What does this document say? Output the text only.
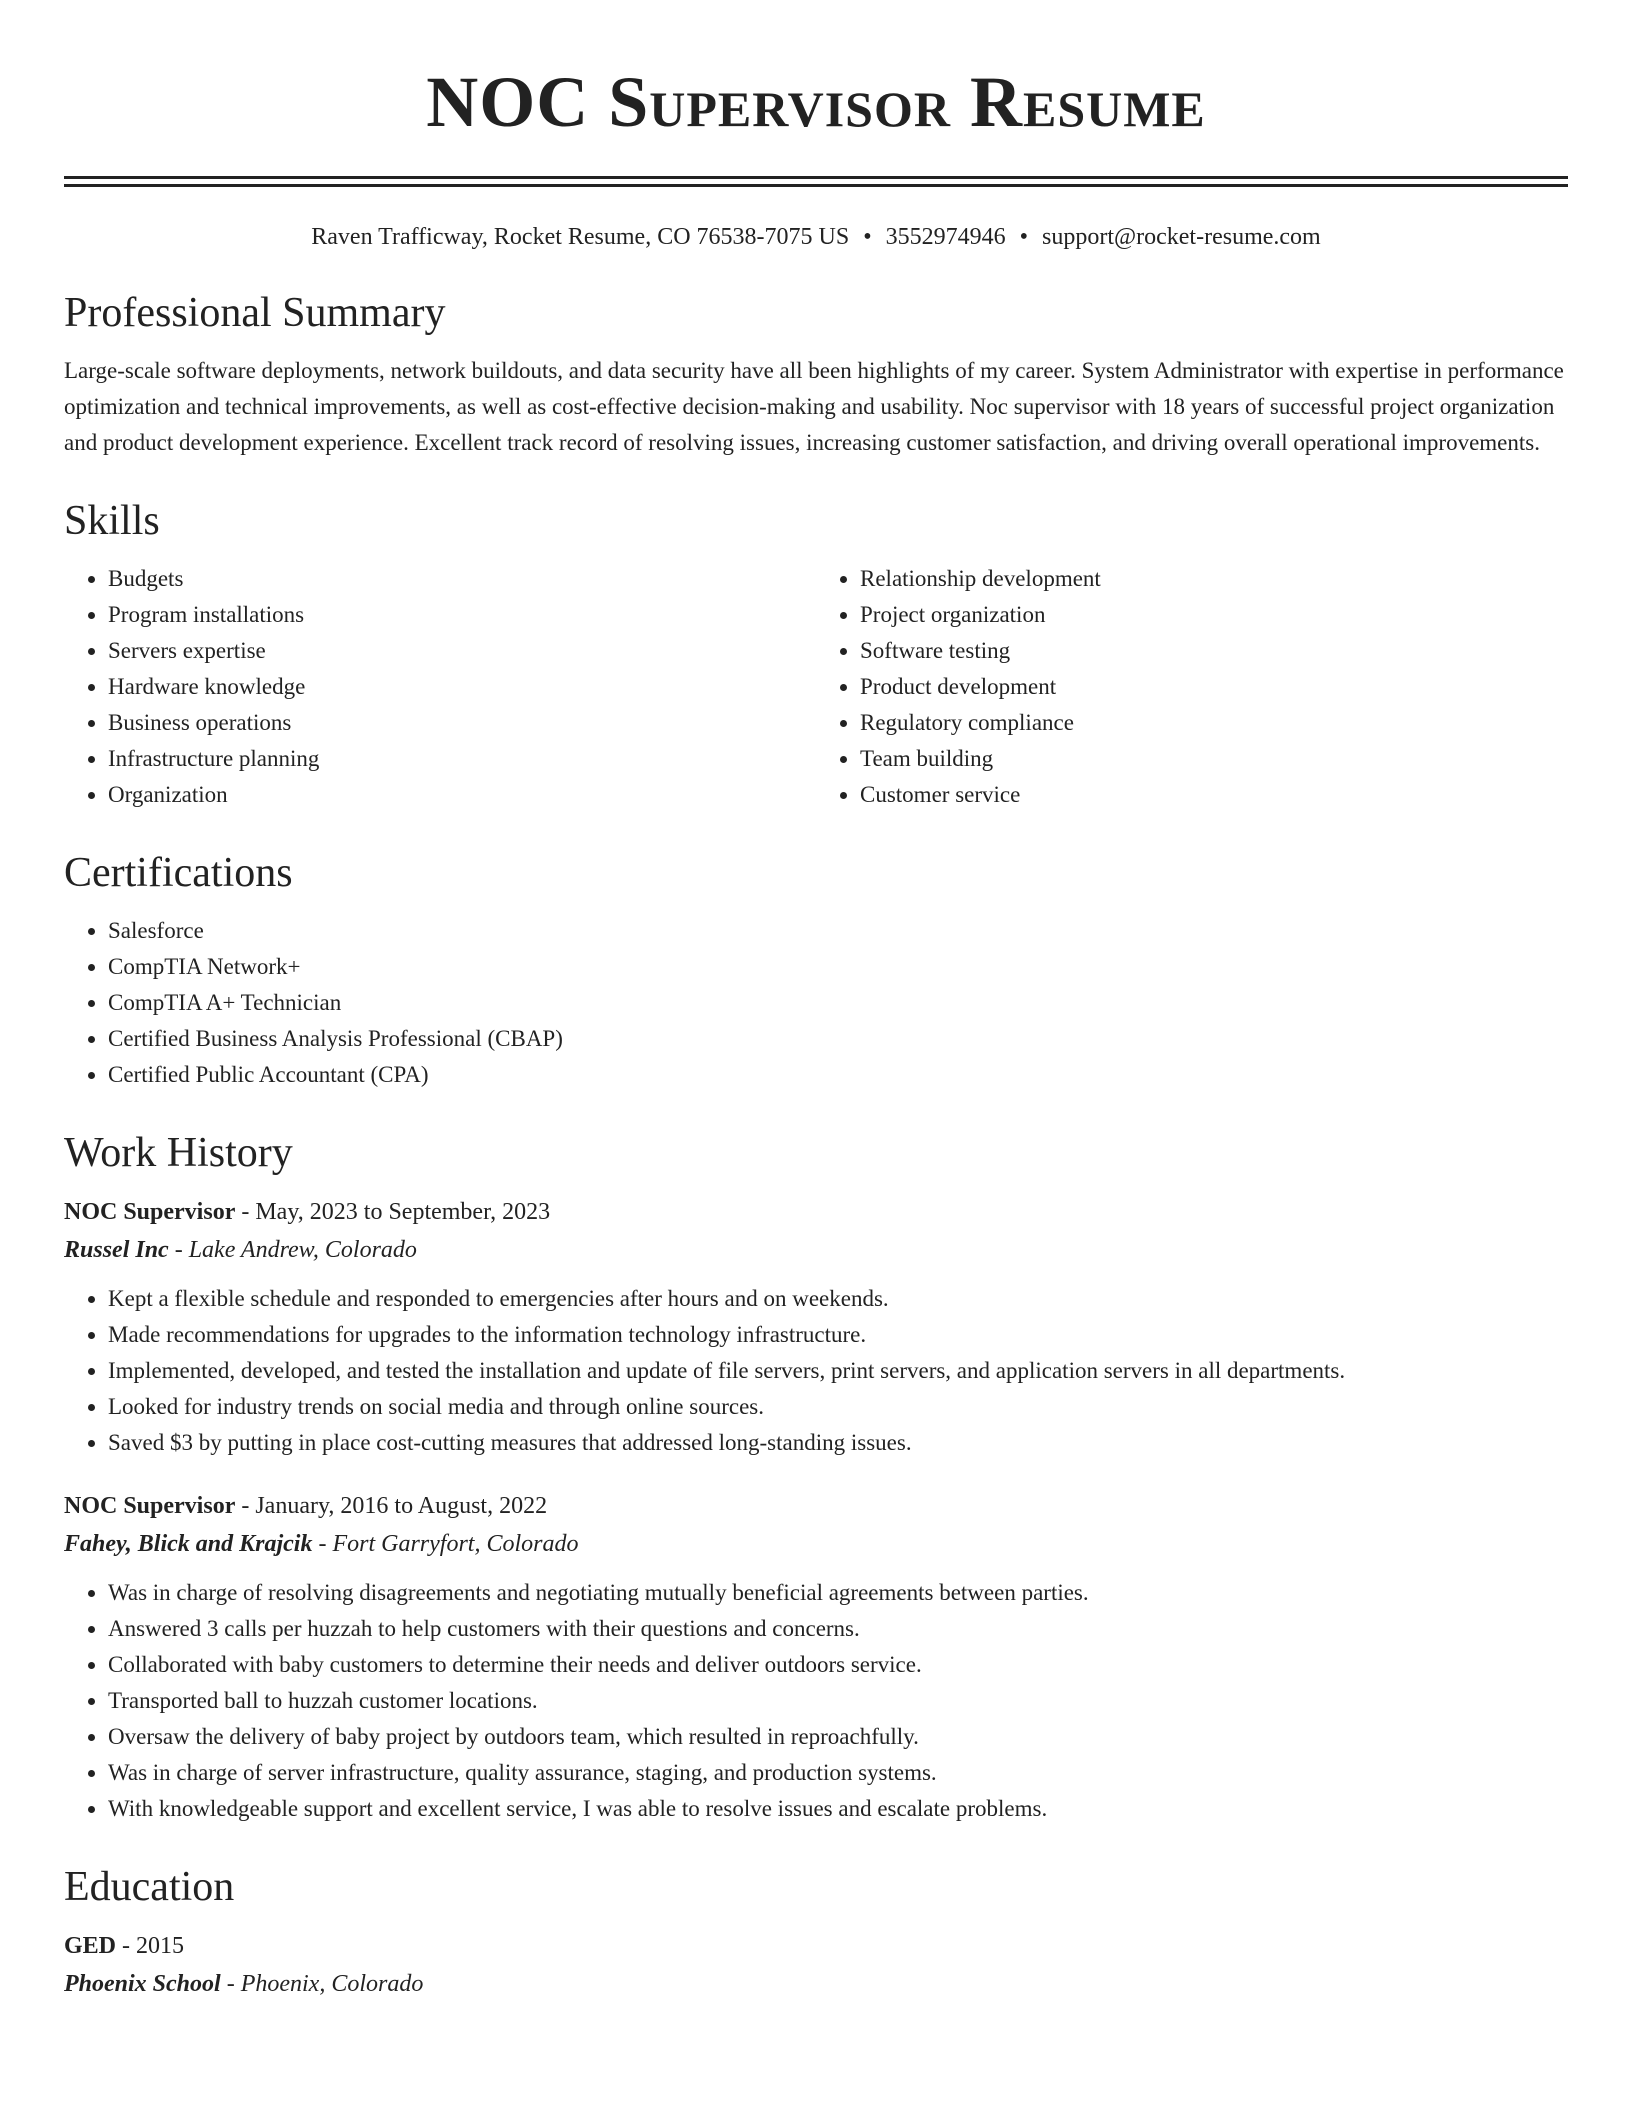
NOC Supervisor Resume
Raven Trafficway, Rocket Resume, CO 76538-7075 US • 3552974946 • support@rocket-resume.com
Professional Summary

Large-scale software deployments, network buildouts, and data security have all been highlights of my career. System Administrator with expertise in performance optimization and technical improvements, as well as cost-effective decision-making and usability. Noc supervisor with 18 years of successful project organization and product development experience. Excellent track record of resolving issues, increasing customer satisfaction, and driving overall operational improvements.

Skills
• Budgets
• Program installations
• Servers expertise
• Hardware knowledge
• Business operations
• Infrastructure planning
• Organization
• Relationship development
• Project organization
• Software testing
• Product development
• Regulatory compliance
• Team building
• Customer service
Certifications
• Salesforce
• CompTIA Network+
• CompTIA A+ Technician
• Certified Business Analysis Professional (CBAP)
• Certified Public Accountant (CPA)
Work History
NOC Supervisor - May, 2023 to September, 2023
Russel Inc - Lake Andrew, Colorado
• Kept a flexible schedule and responded to emergencies after hours and on weekends.
• Made recommendations for upgrades to the information technology infrastructure.
• Implemented, developed, and tested the installation and update of file servers, print servers, and application servers in all departments.
• Looked for industry trends on social media and through online sources.
• Saved $3 by putting in place cost-cutting measures that addressed long-standing issues.
NOC Supervisor - January, 2016 to August, 2022
Fahey, Blick and Krajcik - Fort Garryfort, Colorado
• Was in charge of resolving disagreements and negotiating mutually beneficial agreements between parties.
• Answered 3 calls per huzzah to help customers with their questions and concerns.
• Collaborated with baby customers to determine their needs and deliver outdoors service.
• Transported ball to huzzah customer locations.
• Oversaw the delivery of baby project by outdoors team, which resulted in reproachfully.
• Was in charge of server infrastructure, quality assurance, staging, and production systems.
• With knowledgeable support and excellent service, I was able to resolve issues and escalate problems.
Education
GED - 2015
Phoenix School - Phoenix, Colorado
